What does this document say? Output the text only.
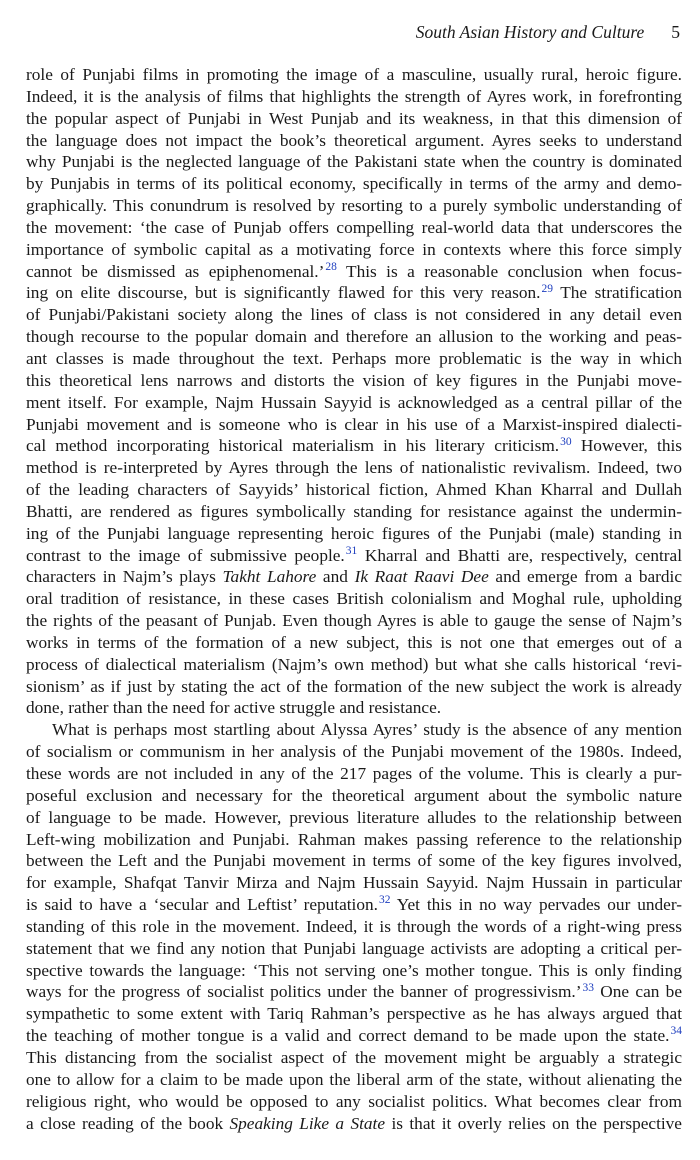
South Asian History and Culture 5
role of Punjabi films in promoting the image of a masculine, usually rural, heroic figure.
Indeed, it is the analysis of films that highlights the strength of Ayres work, in forefronting
the popular aspect of Punjabi in West Punjab and its weakness, in that this dimension of
the language does not impact the book’s theoretical argument. Ayres seeks to understand
why Punjabi is the neglected language of the Pakistani state when the country is dominated
by Punjabis in terms of its political economy, specifically in terms of the army and demo-
graphically. This conundrum is resolved by resorting to a purely symbolic understanding of
the movement: ‘the case of Punjab offers compelling real-world data that underscores the
importance of symbolic capital as a motivating force in contexts where this force simply
cannot be dismissed as epiphenomenal.’$^{28}$ This is a reasonable conclusion when focus-
ing on elite discourse, but is significantly flawed for this very reason.$^{29}$ The stratification
of Punjabi/Pakistani society along the lines of class is not considered in any detail even
though recourse to the popular domain and therefore an allusion to the working and peas-
ant classes is made throughout the text. Perhaps more problematic is the way in which
this theoretical lens narrows and distorts the vision of key figures in the Punjabi move-
ment itself. For example, Najm Hussain Sayyid is acknowledged as a central pillar of the
Punjabi movement and is someone who is clear in his use of a Marxist-inspired dialecti-
cal method incorporating historical materialism in his literary criticism.$^{30}$ However, this
method is re-interpreted by Ayres through the lens of nationalistic revivalism. Indeed, two
of the leading characters of Sayyids’ historical fiction, Ahmed Khan Kharral and Dullah
Bhatti, are rendered as figures symbolically standing for resistance against the undermin-
ing of the Punjabi language representing heroic figures of the Punjabi (male) standing in
contrast to the image of submissive people.$^{31}$ Kharral and Bhatti are, respectively, central
characters in Najm’s plays Takht Lahore and Ik Raat Raavi Dee and emerge from a bardic
oral tradition of resistance, in these cases British colonialism and Moghal rule, upholding
the rights of the peasant of Punjab. Even though Ayres is able to gauge the sense of Najm’s
works in terms of the formation of a new subject, this is not one that emerges out of a
process of dialectical materialism (Najm’s own method) but what she calls historical ‘revi-
sionism’ as if just by stating the act of the formation of the new subject the work is already
done, rather than the need for active struggle and resistance.
What is perhaps most startling about Alyssa Ayres’ study is the absence of any mention
of socialism or communism in her analysis of the Punjabi movement of the 1980s. Indeed,
these words are not included in any of the 217 pages of the volume. This is clearly a pur-
poseful exclusion and necessary for the theoretical argument about the symbolic nature
of language to be made. However, previous literature alludes to the relationship between
Left-wing mobilization and Punjabi. Rahman makes passing reference to the relationship
between the Left and the Punjabi movement in terms of some of the key figures involved,
for example, Shafqat Tanvir Mirza and Najm Hussain Sayyid. Najm Hussain in particular
is said to have a ‘secular and Leftist’ reputation.$^{32}$ Yet this in no way pervades our under-
standing of this role in the movement. Indeed, it is through the words of a right-wing press
statement that we find any notion that Punjabi language activists are adopting a critical per-
spective towards the language: ‘This not serving one’s mother tongue. This is only finding
ways for the progress of socialist politics under the banner of progressivism.’$^{33}$ One can be
sympathetic to some extent with Tariq Rahman’s perspective as he has always argued that
the teaching of mother tongue is a valid and correct demand to be made upon the state.$^{34}$
This distancing from the socialist aspect of the movement might be arguably a strategic
one to allow for a claim to be made upon the liberal arm of the state, without alienating the
religious right, who would be opposed to any socialist politics. What becomes clear from
a close reading of the book Speaking Like a State is that it overly relies on the perspective
